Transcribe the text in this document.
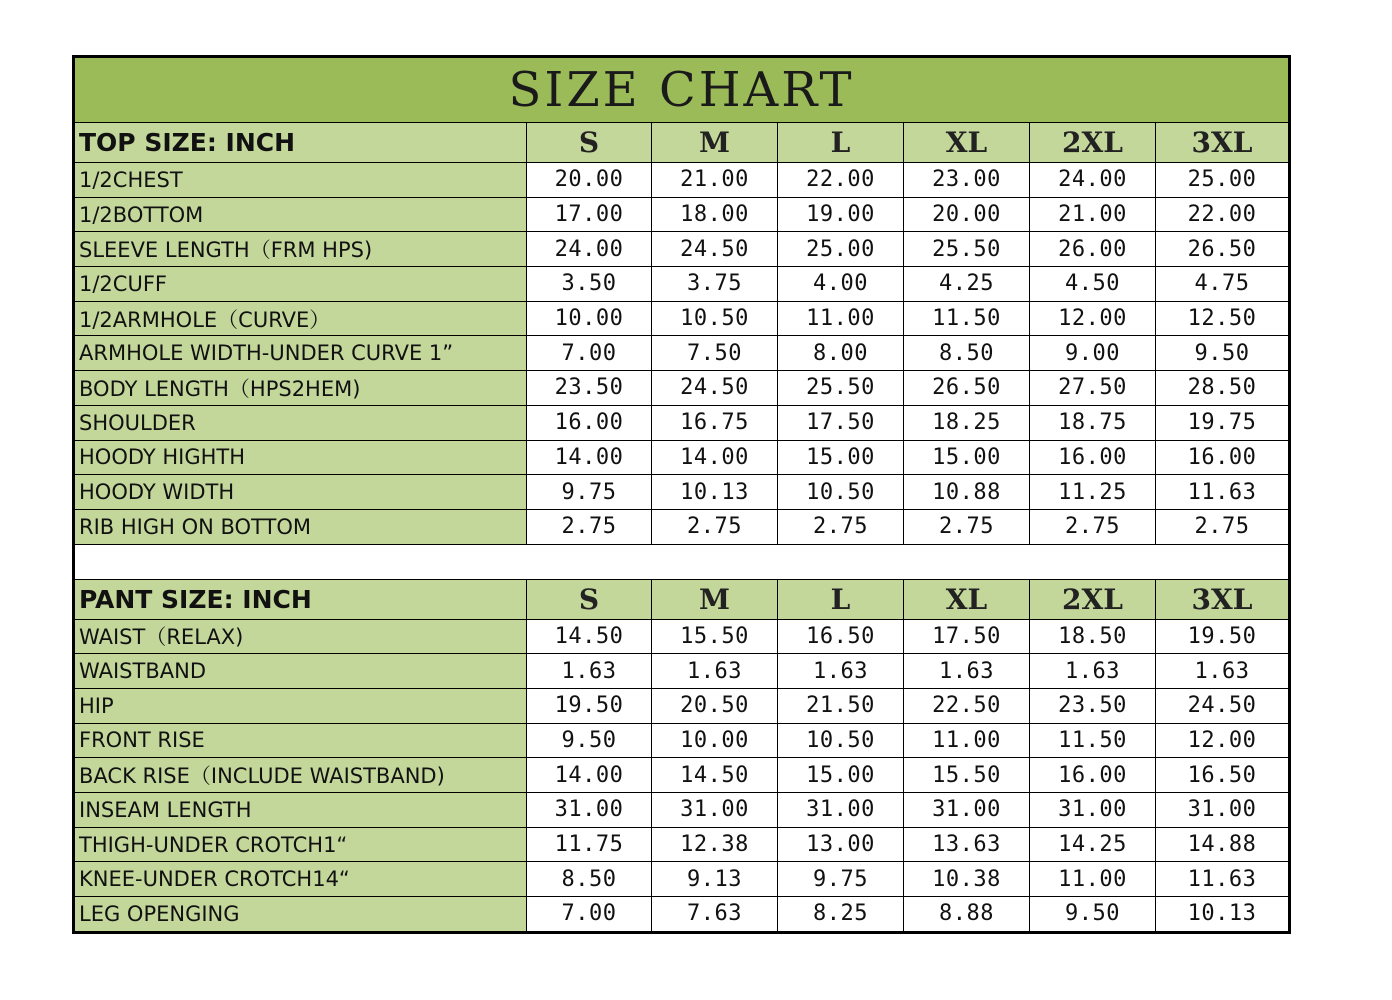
SIZE CHART						
TOP SIZE: INCH	S	M	L	XL	2XL	3XL
1/2CHEST	20.00	21.00	22.00	23.00	24.00	25.00
1/2BOTTOM	17.00	18.00	19.00	20.00	21.00	22.00
SLEEVE LENGTH（FRM HPS)	24.00	24.50	25.00	25.50	26.00	26.50
1/2CUFF	3.50	3.75	4.00	4.25	4.50	4.75
1/2ARMHOLE（CURVE）	10.00	10.50	11.00	11.50	12.00	12.50
ARMHOLE WIDTH-UNDER CURVE 1”	7.00	7.50	8.00	8.50	9.00	9.50
BODY LENGTH（HPS2HEM)	23.50	24.50	25.50	26.50	27.50	28.50
SHOULDER	16.00	16.75	17.50	18.25	18.75	19.75
HOODY HIGHTH	14.00	14.00	15.00	15.00	16.00	16.00
HOODY WIDTH	9.75	10.13	10.50	10.88	11.25	11.63
RIB HIGH ON BOTTOM	2.75	2.75	2.75	2.75	2.75	2.75

PANT SIZE: INCH	S	M	L	XL	2XL	3XL
WAIST（RELAX)	14.50	15.50	16.50	17.50	18.50	19.50
WAISTBAND	1.63	1.63	1.63	1.63	1.63	1.63
HIP	19.50	20.50	21.50	22.50	23.50	24.50
FRONT RISE	9.50	10.00	10.50	11.00	11.50	12.00
BACK RISE（INCLUDE WAISTBAND)	14.00	14.50	15.00	15.50	16.00	16.50
INSEAM LENGTH	31.00	31.00	31.00	31.00	31.00	31.00
THIGH-UNDER CROTCH1“	11.75	12.38	13.00	13.63	14.25	14.88
KNEE-UNDER CROTCH14“	8.50	9.13	9.75	10.38	11.00	11.63
LEG OPENGING	7.00	7.63	8.25	8.88	9.50	10.13
